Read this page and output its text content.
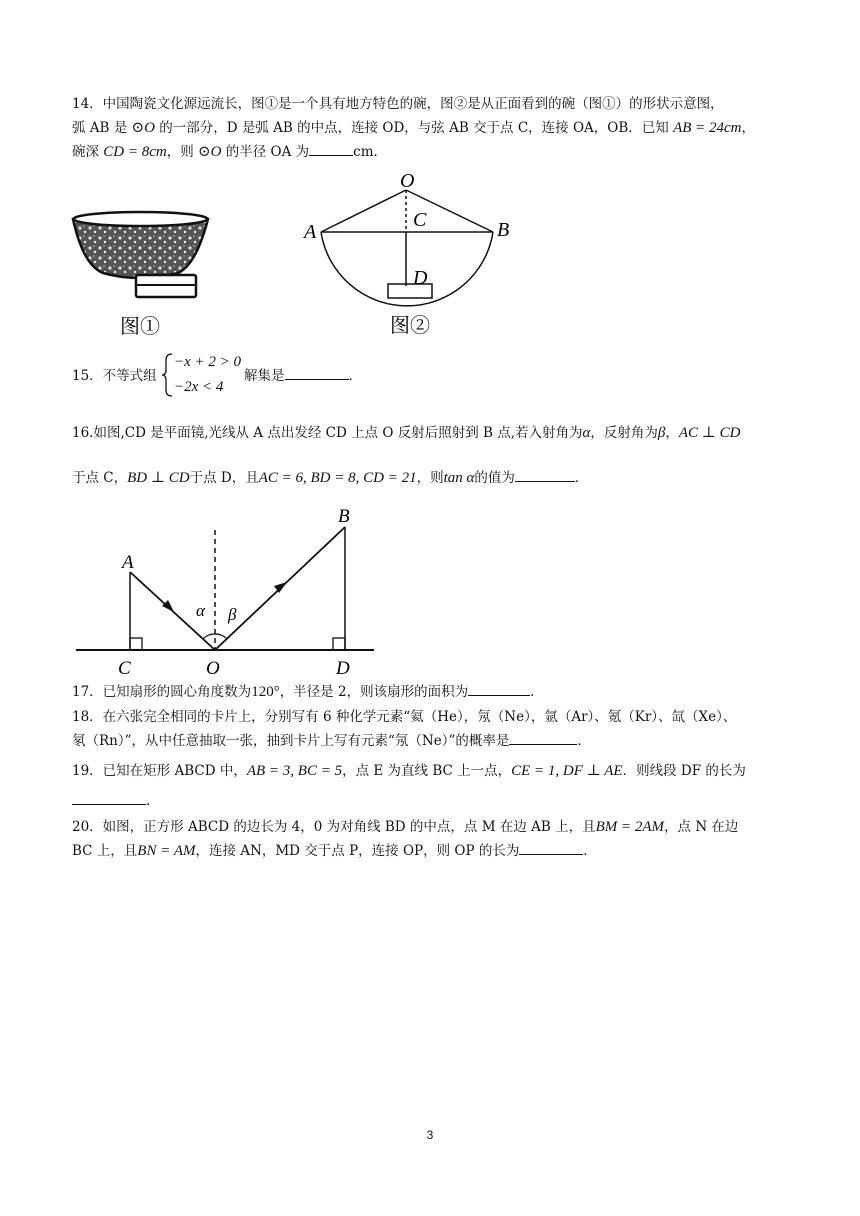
14．中国陶瓷文化源远流长，图①是一个具有地方特色的碗，图②是从正面看到的碗（图①）的形状示意图，
弧 AB 是 ⊙O 的一部分，D 是弧 AB 的中点，连接 OD，与弦 AB 交于点 C，连接 OA，OB．已知 AB = 24cm，
碗深 CD = 8cm，则 ⊙O 的半径 OA 为	cm．
图①
O
A	B
C
D
图②
15．不等式组
−x + 2 > 0
−2x < 4
解集是	．
16.如图,CD 是平面镜,光线从 A 点出发经 CD 上点 O 反射后照射到 B 点,若入射角为α，反射角为β，AC ⊥ CD
于点 C，BD ⊥ CD于点 D，且AC = 6, BD = 8, CD = 21，则tan α的值为	．
α β
A
B
C	O	D
17．已知扇形的圆心角度数为120°，半径是 2，则该扇形的面积为	．
18．在六张完全相同的卡片上，分别写有 6 种化学元素“氦（He），氖（Ne），氩（Ar）、氪（Kr）、氙（Xe）、
氡（Rn）”，从中任意抽取一张，抽到卡片上写有元素“氖（Ne）”的概率是	．
19．已知在矩形 ABCD 中，AB = 3, BC = 5，点 E 为直线 BC 上一点，CE = 1, DF ⊥ AE．则线段 DF 的长为
．
20．如图，正方形 ABCD 的边长为 4，0 为对角线 BD 的中点，点 M 在边 AB 上，且BM = 2AM，点 N 在边
BC 上，且BN = AM，连接 AN，MD 交于点 P，连接 OP，则 OP 的长为	．
3
